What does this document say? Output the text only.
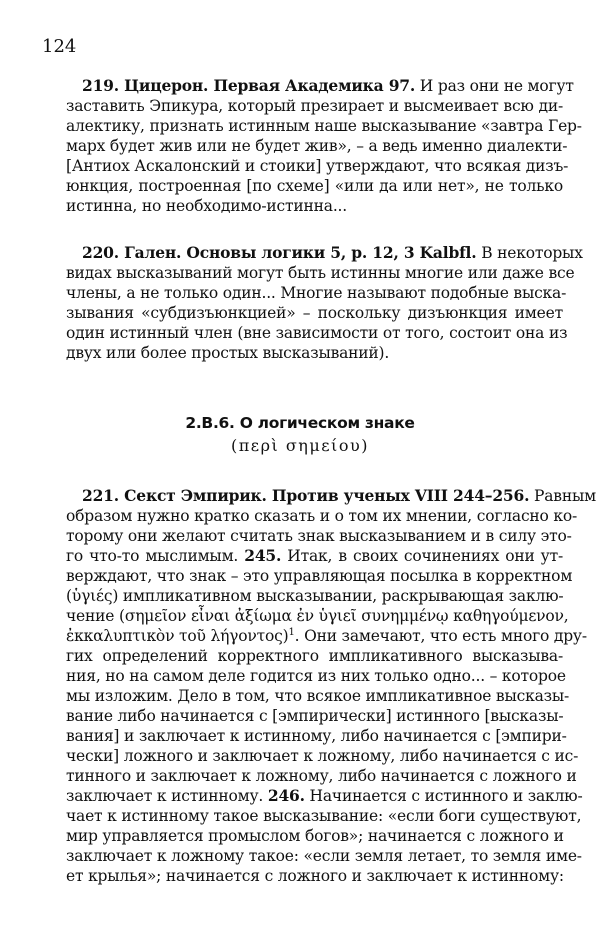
124
219. Цицерон. Первая Академика 97. И раз они не могут
заставить Эпикура, который презирает и высмеивает всю ди-
алектику, признать истинным наше высказывание «завтра Гер-
марх будет жив или не будет жив», – а ведь именно диалекти-
[Антиох Аскалонский и стоики] утверждают, что всякая дизъ-
юнкция, построенная [по схеме] «или да или нет», не только
истинна, но необходимо-истинна...
220. Гален. Основы логики 5, p. 12, 3 Kalbfl. В некоторых
видах высказываний могут быть истинны многие или даже все
члены, а не только один... Многие называют подобные выска-
зывания «субдизъюнкцией» – поскольку дизъюнкция имеет
один истинный член (вне зависимости от того, состоит она из
двух или более простых высказываний).
2.В.6. О логическом знаке
(περὶ σημείου)
221. Секст Эмпирик. Против ученых VIII 244–256. Равным
образом нужно кратко сказать и о том их мнении, согласно ко-
торому они желают считать знак высказыванием и в силу это-
го что-то мыслимым. 245. Итак, в своих сочинениях они ут-
верждают, что знак – это управляющая посылка в корректном
(ὑγιές) импликативном высказывании, раскрывающая заклю-
чение (σημεῖον εἶναι ἀξίωμα ἐν ὑγιεῖ συνημμένῳ καθηγούμενον,
ἐκκαλυπτικὸν τοῦ λήγοντος)$^1$. Они замечают, что есть много дру-
гих определений корректного импликативного высказыва-
ния, но на самом деле годится из них только одно... – которое
мы изложим. Дело в том, что всякое импликативное высказы-
вание либо начинается с [эмпирически] истинного [высказы-
вания] и заключает к истинному, либо начинается с [эмпири-
чески] ложного и заключает к ложному, либо начинается с ис-
тинного и заключает к ложному, либо начинается с ложного и
заключает к истинному. 246. Начинается с истинного и заклю-
чает к истинному такое высказывание: «если боги существуют,
мир управляется промыслом богов»; начинается с ложного и
заключает к ложному такое: «если земля летает, то земля име-
ет крылья»; начинается с ложного и заключает к истинному:
